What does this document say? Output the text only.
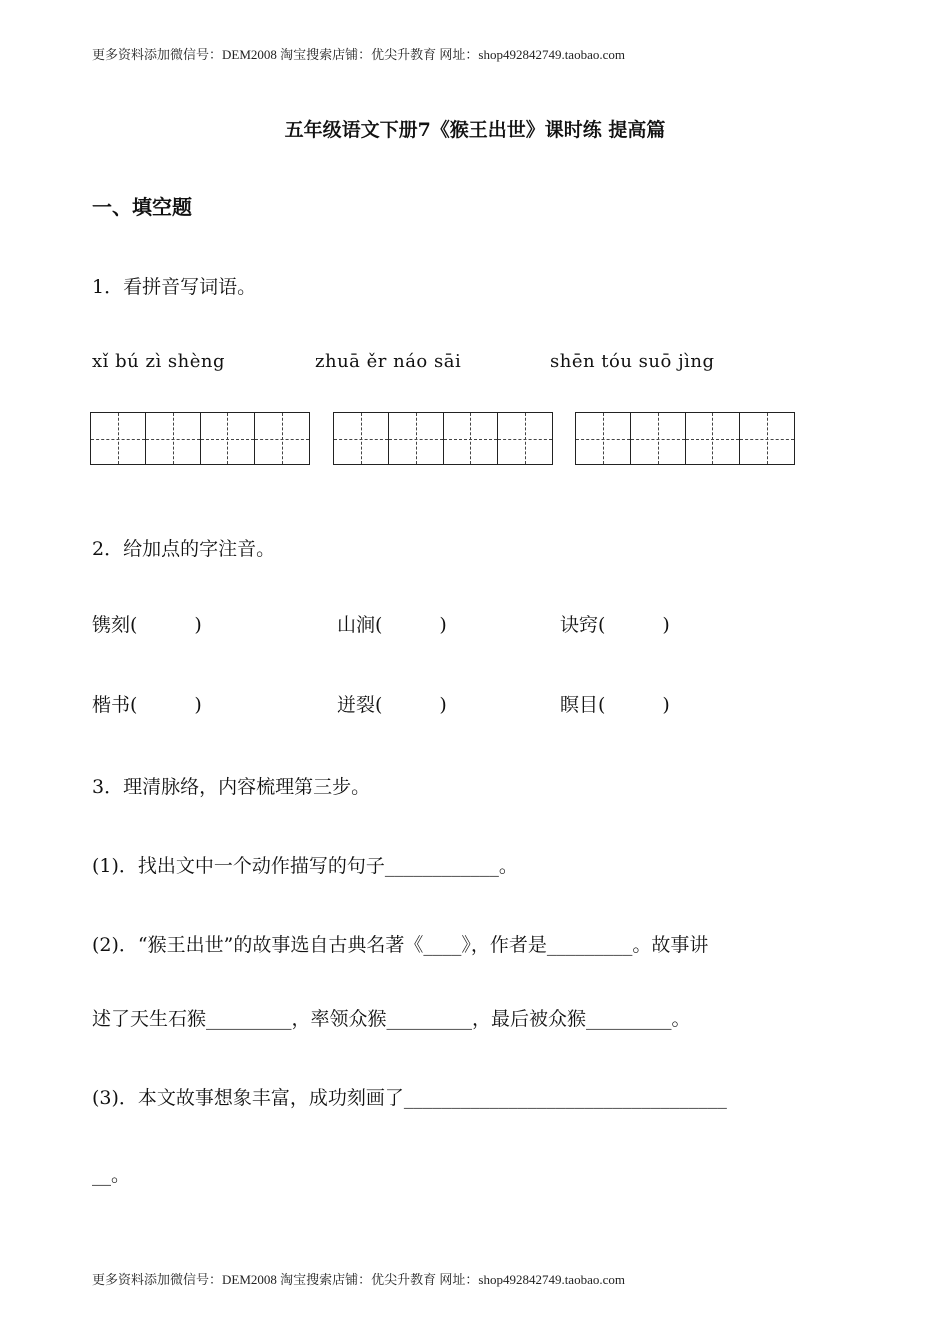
更多资料添加微信号：DEM2008 淘宝搜索店铺：优尖升教育 网址：shop492842749.taobao.com
五年级语文下册7《猴王出世》课时练 提高篇
一、填空题
1．看拼音写词语。
xǐ bú zì shèng	zhuā ěr náo sāi	shēn tóu suō jìng
2．给加点的字注音。
镌刻(　　　)	山涧(　　　)	诀窍(　　　)
楷书(　　　)	迸裂(　　　)	瞑目(　　　)
3．理清脉络，内容梳理第三步。
(1)．找出文中一个动作描写的句子____________。
(2)．“猴王出世”的故事选自古典名著《____》，作者是_________。故事讲
述了天生石猴_________，率领众猴_________，最后被众猴_________。
(3)．本文故事想象丰富，成功刻画了__________________________________
__。
更多资料添加微信号：DEM2008 淘宝搜索店铺：优尖升教育 网址：shop492842749.taobao.com
